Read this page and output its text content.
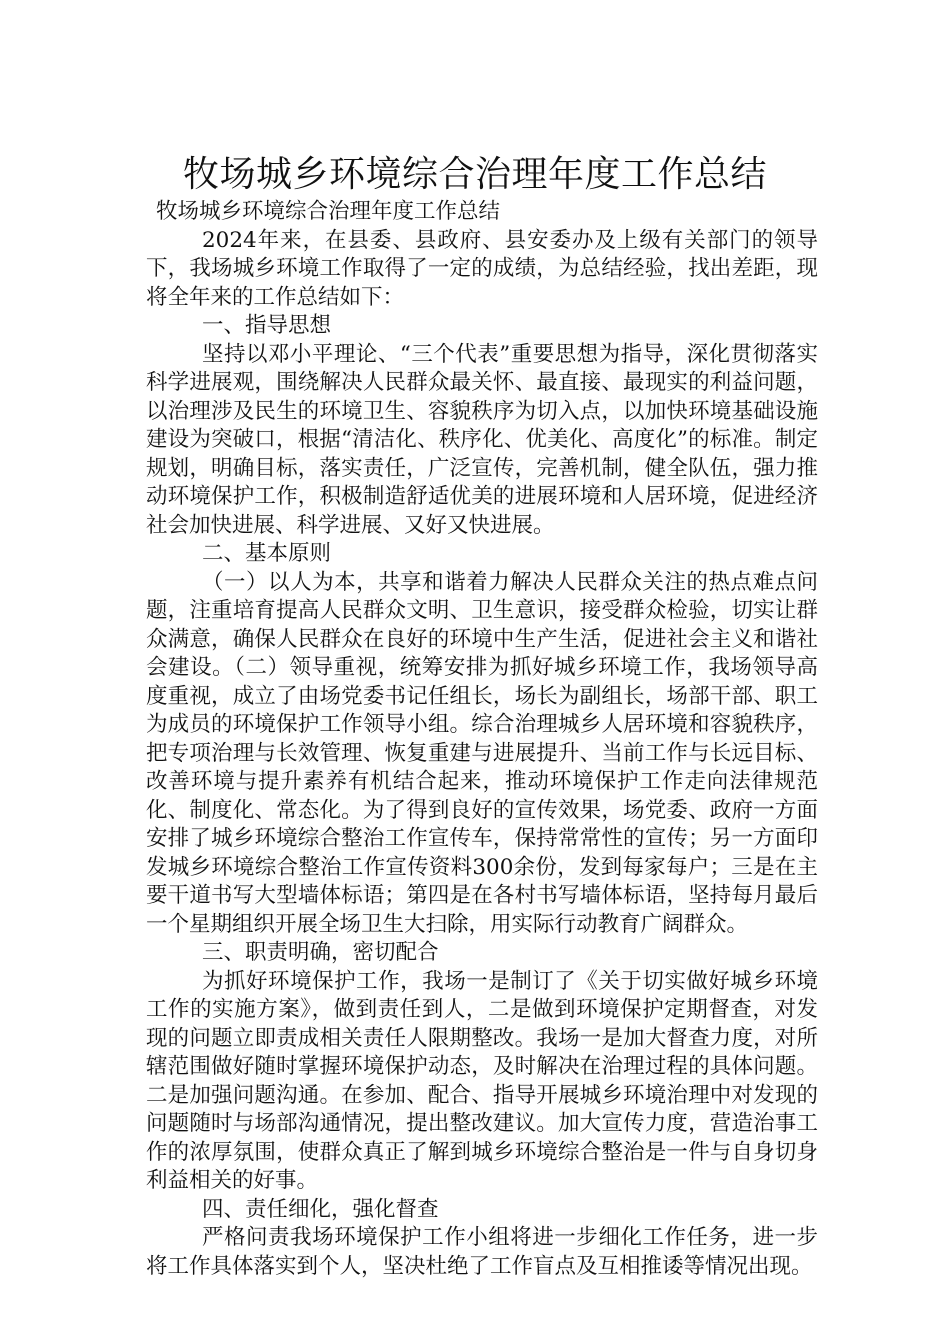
牧场城乡环境综合治理年度工作总结

牧场城乡环境综合治理年度工作总结

2024年来，在县委、县政府、县安委办及上级有关部门的领导下，我场城乡环境工作取得了一定的成绩，为总结经验，找出差距，现将全年来的工作总结如下：

一、指导思想

坚持以邓小平理论、“三个代表”重要思想为指导，深化贯彻落实科学进展观，围绕解决人民群众最关怀、最直接、最现实的利益问题，以治理涉及民生的环境卫生、容貌秩序为切入点，以加快环境基础设施建设为突破口，根据“清洁化、秩序化、优美化、高度化”的标准。制定规划，明确目标，落实责任，广泛宣传，完善机制，健全队伍，强力推动环境保护工作，积极制造舒适优美的进展环境和人居环境，促进经济社会加快进展、科学进展、又好又快进展。

二、基本原则

（一）以人为本，共享和谐着力解决人民群众关注的热点难点问题，注重培育提高人民群众文明、卫生意识，接受群众检验，切实让群众满意，确保人民群众在良好的环境中生产生活，促进社会主义和谐社会建设。（二）领导重视，统筹安排为抓好城乡环境工作，我场领导高度重视，成立了由场党委书记任组长，场长为副组长，场部干部、职工为成员的环境保护工作领导小组。综合治理城乡人居环境和容貌秩序，把专项治理与长效管理、恢复重建与进展提升、当前工作与长远目标、改善环境与提升素养有机结合起来，推动环境保护工作走向法律规范化、制度化、常态化。为了得到良好的宣传效果，场党委、政府一方面安排了城乡环境综合整治工作宣传车，保持常常性的宣传；另一方面印发城乡环境综合整治工作宣传资料300余份，发到每家每户；三是在主要干道书写大型墙体标语；第四是在各村书写墙体标语，坚持每月最后一个星期组织开展全场卫生大扫除，用实际行动教育广阔群众。

三、职责明确，密切配合

为抓好环境保护工作，我场一是制订了《关于切实做好城乡环境工作的实施方案》，做到责任到人，二是做到环境保护定期督查，对发现的问题立即责成相关责任人限期整改。我场一是加大督查力度，对所辖范围做好随时掌握环境保护动态，及时解决在治理过程的具体问题。二是加强问题沟通。在参加、配合、指导开展城乡环境治理中对发现的问题随时与场部沟通情况，提出整改建议。加大宣传力度，营造治事工作的浓厚氛围，使群众真正了解到城乡环境综合整治是一件与自身切身利益相关的好事。

四、责任细化，强化督查

严格问责我场环境保护工作小组将进一步细化工作任务，进一步将工作具体落实到个人，坚决杜绝了工作盲点及互相推诿等情况出现。
